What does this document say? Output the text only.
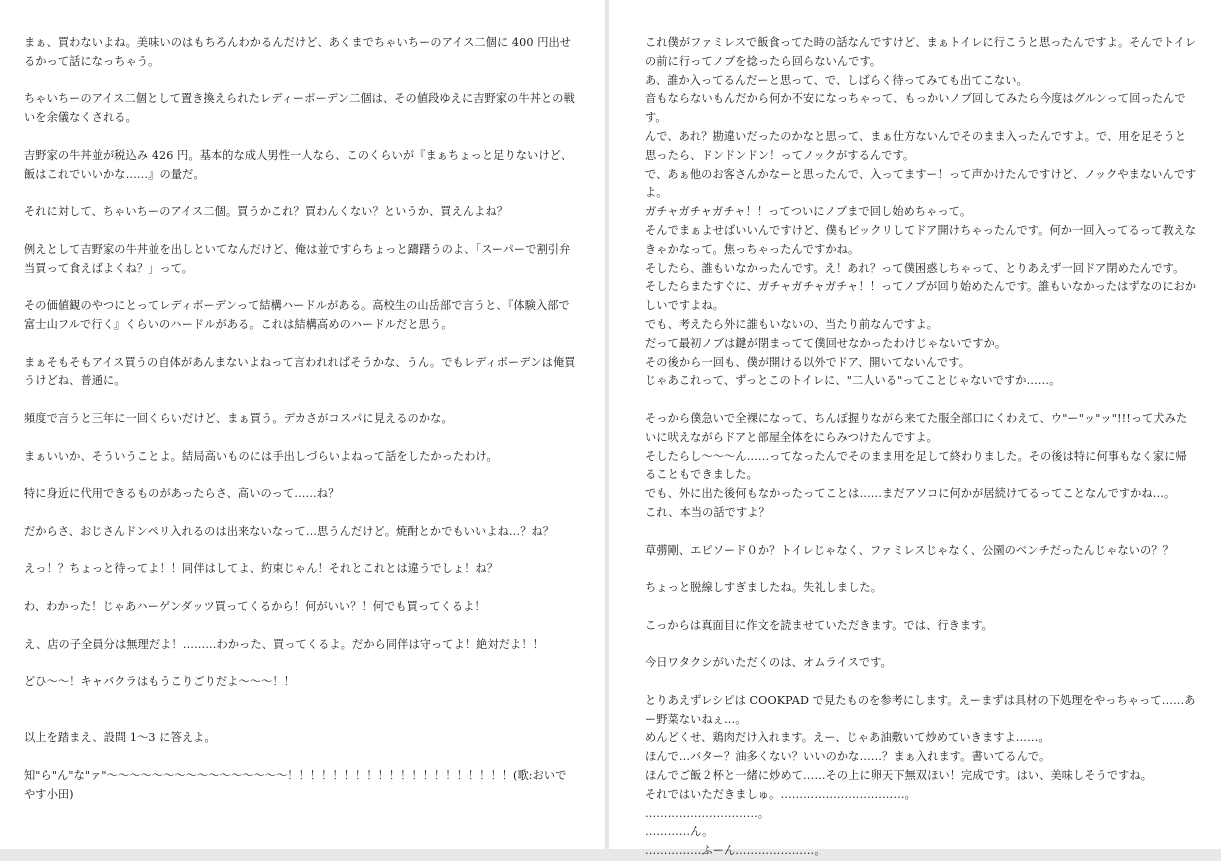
まぁ、買わないよね。美味いのはもちろんわかるんだけど、あくまでちゃいちーのアイス二個に 400 円出せるかって話になっちゃう。

ちゃいちーのアイス二個として置き換えられたレディーボーデン二個は、その値段ゆえに吉野家の牛丼との戦いを余儀なくされる。

吉野家の牛丼並が税込み 426 円。基本的な成人男性一人なら、このくらいが『まぁちょっと足りないけど、飯はこれでいいかな……』の量だ。

それに対して、ちゃいちーのアイス二個。買うかこれ？買わんくない？というか、買えんよね？

例えとして吉野家の牛丼並を出しといてなんだけど、俺は並ですらちょっと躊躇うのよ、「スーパーで割引弁当買って食えばよくね？」って。

その価値観のやつにとってレディボーデンって結構ハードルがある。高校生の山岳部で言うと、『体験入部で富士山フルで行く』くらいのハードルがある。これは結構高めのハードルだと思う。

まぁそもそもアイス買うの自体があんまないよねって言われればそうかな、うん。でもレディボーデンは俺買うけどね、普通に。

頻度で言うと三年に一回くらいだけど、まぁ買う。デカさがコスパに見えるのかな。

まぁいいか、そういうことよ。結局高いものには手出しづらいよねって話をしたかったわけ。

特に身近に代用できるものがあったらさ、高いのって……ね？

だからさ、おじさんドンペリ入れるのは出来ないなって…思うんだけど。焼酎とかでもいいよね…？ね？

えっ！？ちょっと待ってよ！！同伴はしてよ、約束じゃん！それとこれとは違うでしょ！ね？

わ、わかった！じゃあハーゲンダッツ買ってくるから！何がいい？！何でも買ってくるよ！

え、店の子全員分は無理だよ！………わかった、買ってくるよ。だから同伴は守ってよ！絶対だよ！！

どひ～～！キャバクラはもうこりごりだよ～～～！！

以上を踏まえ、設問 1〜3 に答えよ。

知"ら"ん"な"ァ"～～～～～～～～～～～～～～～～！！！！！！！！！！！！！！！！！！！！(歌:おいでやす小田)

これ僕がファミレスで飯食ってた時の話なんですけど、まぁトイレに行こうと思ったんですよ。そんでトイレの前に行ってノブを捻ったら回らないんです。

あ、誰か入ってるんだーと思って、で、しばらく待ってみても出てこない。

音もならないもんだから何か不安になっちゃって、もっかいノブ回してみたら今度はグルンって回ったんです。

んで、あれ？勘違いだったのかなと思って、まぁ仕方ないんでそのまま入ったんですよ。で、用を足そうと思ったら、ドンドンドン！ってノックがするんです。

で、あぁ他のお客さんかなーと思ったんで、入ってますー！って声かけたんですけど、ノックやまないんですよ。

ガチャガチャガチャ！！ってついにノブまで回し始めちゃって。

そんでまぁよせばいいんですけど、僕もビックリしてドア開けちゃったんです。何か一回入ってるって教えなきゃかなって。焦っちゃったんですかね。

そしたら、誰もいなかったんです。え！あれ？って僕困惑しちゃって、とりあえず一回ドア閉めたんです。

そしたらまたすぐに、ガチャガチャガチャ！！ってノブが回り始めたんです。誰もいなかったはずなのにおかしいですよね。

でも、考えたら外に誰もいないの、当たり前なんですよ。

だって最初ノブは鍵が閉まってて僕回せなかったわけじゃないですか。

その後から一回も、僕が開ける以外でドア、開いてないんです。

じゃあこれって、ずっとこのトイレに、"二人いる"ってことじゃないですか……。

そっから僕急いで全裸になって、ちんぽ握りながら来てた服全部口にくわえて、ウ"ー"ッ"ッ"!!!って犬みたいに吠えながらドアと部屋全体をにらみつけたんですよ。

そしたらし～～～ん……ってなったんでそのまま用を足して終わりました。その後は特に何事もなく家に帰ることもできました。

でも、外に出た後何もなかったってことは……まだアソコに何かが居続けてるってことなんですかね…。

これ、本当の話ですよ？

草彅剛、エピソード０か？トイレじゃなく、ファミレスじゃなく、公園のベンチだったんじゃないの？？

ちょっと脱線しすぎましたね。失礼しました。

こっからは真面目に作文を読ませていただきます。では、行きます。

今日ワタクシがいただくのは、オムライスです。

とりあえずレシピは COOKPAD で見たものを参考にします。えーまずは具材の下処理をやっちゃって……あー野菜ないねぇ…。

めんどくせ、鶏肉だけ入れます。えー、じゃあ油敷いて炒めていきますよ……。

ほんで…バター？油多くない？いいのかな……？まぁ入れます。書いてるんで。

ほんでご飯２杯と一緒に炒めて……その上に卵天下無双ほい！完成です。はい、美味しそうですね。

それではいただきましゅ。……………………………。

…………………………。

…………ん。

……………ふーん…………………。
